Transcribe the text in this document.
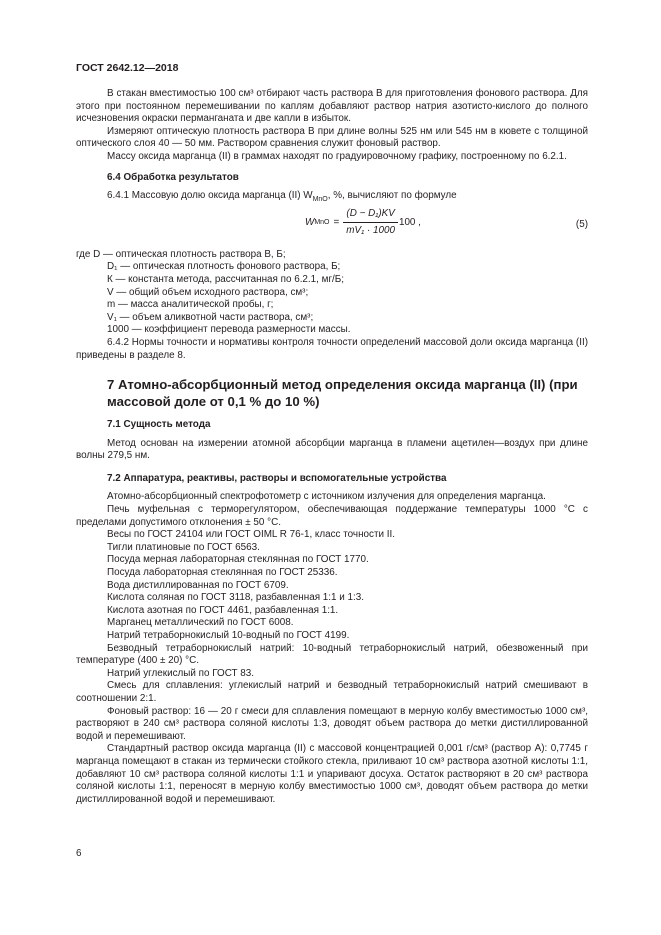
ГОСТ 2642.12—2018

В стакан вместимостью 100 см³ отбирают часть раствора В для приготовления фонового раствора. Для этого при постоянном перемешивании по каплям добавляют раствор натрия азотисто-кислого до полного исчезновения окраски перманганата и две капли в избыток.

Измеряют оптическую плотность раствора В при длине волны 525 нм или 545 нм в кювете с толщиной оптического слоя 40 — 50 мм. Раствором сравнения служит фоновый раствор.

Массу оксида марганца (II) в граммах находят по градуировочному графику, построенному по 6.2.1.

6.4 Обработка результатов

6.4.1 Массовую долю оксида марганца (II) $W_{MnO}$, %, вычисляют по формуле

W MnO = $\frac{\text{(D − D₁)KV}}{\text{mV₁ · 1000}} 100$ ,	(5)

где D — оптическая плотность раствора В, Б;

D₁ — оптическая плотность фонового раствора, Б;

К — константа метода, рассчитанная по 6.2.1, мг/Б;

V — общий объем исходного раствора, см³;

m — масса аналитической пробы, г;

V₁ — объем аликвотной части раствора, см³;

1000 — коэффициент перевода размерности массы.

6.4.2 Нормы точности и нормативы контроля точности определений массовой доли оксида марганца (II) приведены в разделе 8.

7 Атомно-абсорбционный метод определения оксида марганца (II) (при массовой доле от 0,1 % до 10 %)
7.1 Сущность метода

Метод основан на измерении атомной абсорбции марганца в пламени ацетилен—воздух при длине волны 279,5 нм.

7.2 Аппаратура, реактивы, растворы и вспомогательные устройства

Атомно-абсорбционный спектрофотометр с источником излучения для определения марганца.

Печь муфельная с терморегулятором, обеспечивающая поддержание температуры 1000 °С с пределами допустимого отклонения ± 50 °С.

Весы по ГОСТ 24104 или ГОСТ OIML R 76-1, класс точности II.

Тигли платиновые по ГОСТ 6563.

Посуда мерная лабораторная стеклянная по ГОСТ 1770.

Посуда лабораторная стеклянная по ГОСТ 25336.

Вода дистиллированная по ГОСТ 6709.

Кислота соляная по ГОСТ 3118, разбавленная 1:1 и 1:3.

Кислота азотная по ГОСТ 4461, разбавленная 1:1.

Марганец металлический по ГОСТ 6008.

Натрий тетраборнокислый 10-водный по ГОСТ 4199.

Безводный тетраборнокислый натрий: 10-водный тетраборнокислый натрий, обезвоженный при температуре (400 ± 20) °С.

Натрий углекислый по ГОСТ 83.

Смесь для сплавления: углекислый натрий и безводный тетраборнокислый натрий смешивают в соотношении 2:1.

Фоновый раствор: 16 — 20 г смеси для сплавления помещают в мерную колбу вместимостью 1000 см³, растворяют в 240 см³ раствора соляной кислоты 1:3, доводят объем раствора до метки дистиллированной водой и перемешивают.

Стандартный раствор оксида марганца (II) с массовой концентрацией 0,001 г/см³ (раствор А): 0,7745 г марганца помещают в стакан из термически стойкого стекла, приливают 10 см³ раствора азотной кислоты 1:1, добавляют 10 см³ раствора соляной кислоты 1:1 и упаривают досуха. Остаток растворяют в 20 см³ раствора соляной кислоты 1:1, переносят в мерную колбу вместимостью 1000 см³, доводят объем раствора до метки дистиллированной водой и перемешивают.

6
